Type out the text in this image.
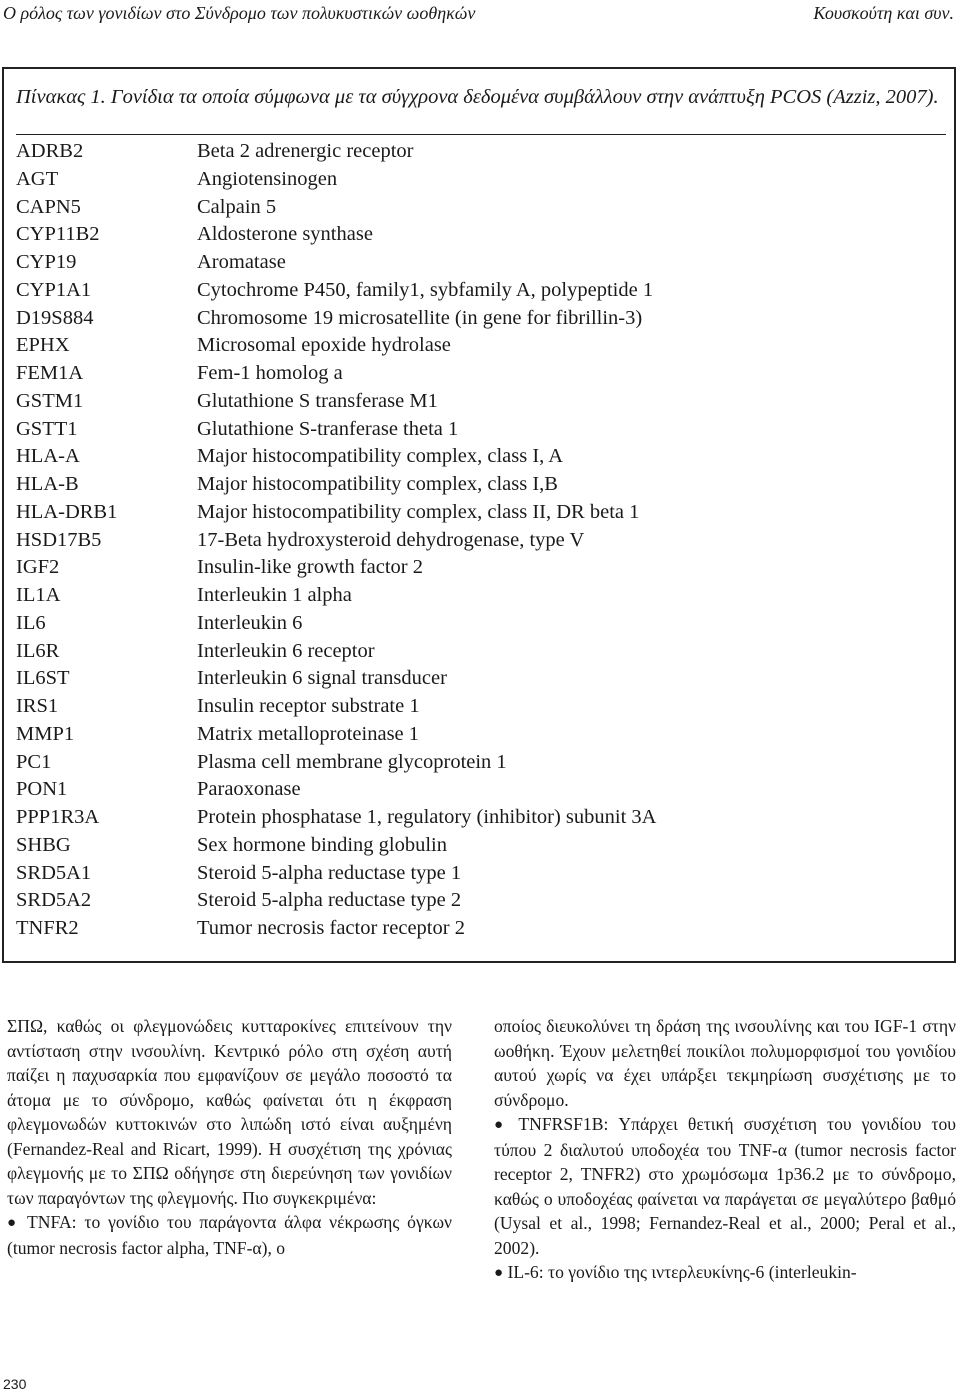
Ο ρόλος των γονιδίων στο Σύνδρομο των πολυκυστικών ωοθηκών	Κουσκούτη και συν.
Πίνακας 1. Γονίδια τα οποία σύμφωνα με τα σύγχρονα δεδομένα συμβάλλουν στην ανάπτυξη PCOS (Azziz, 2007).
ADRB2	Beta 2 adrenergic receptor
AGT	Angiotensinogen
CAPN5	Calpain 5
CYP11B2	Aldosterone synthase
CYP19	Aromatase
CYP1A1	Cytochrome P450, family1, sybfamily A, polypeptide 1
D19S884	Chromosome 19 microsatellite (in gene for fibrillin-3)
EPHX	Microsomal epoxide hydrolase
FEM1A	Fem-1 homolog a
GSTM1	Glutathione S transferase M1
GSTT1	Glutathione S-tranferase theta 1
HLA-A	Major histocompatibility complex, class I, A
HLA-B	Major histocompatibility complex, class I,B
HLA-DRB1	Major histocompatibility complex, class II, DR beta 1
HSD17B5	17-Beta hydroxysteroid dehydrogenase, type V
IGF2	Insulin-like growth factor 2
IL1A	Interleukin 1 alpha
IL6	Interleukin 6
IL6R	Interleukin 6 receptor
IL6ST	Interleukin 6 signal transducer
IRS1	Insulin receptor substrate 1
MMP1	Matrix metalloproteinase 1
PC1	Plasma cell membrane glycoprotein 1
PON1	Paraoxonase
PPP1R3A	Protein phosphatase 1, regulatory (inhibitor) subunit 3A
SHBG	Sex hormone binding globulin
SRD5A1	Steroid 5-alpha reductase type 1
SRD5A2	Steroid 5-alpha reductase type 2
TNFR2	Tumor necrosis factor receptor 2

ΣΠΩ, καθώς οι φλεγμονώδεις κυτταροκίνες επιτείνουν την αντίσταση στην ινσουλίνη. Κεντρικό ρόλο στη σχέση αυτή παίζει η παχυσαρκία που εμφανίζουν σε μεγάλο ποσοστό τα άτομα με το σύνδρομο, καθώς φαίνεται ότι η έκφραση φλεγμονωδών κυττοκινών στο λιπώδη ιστό είναι αυξημένη (Fernandez-Real and Ricart, 1999). Η συσχέτιση της χρόνιας φλεγμονής με το ΣΠΩ οδήγησε στη διερεύνηση των γονιδίων των παραγόντων της φλεγμονής. Πιο συγκεκριμένα:

● TNFA: το γονίδιο του παράγοντα άλφα νέκρωσης όγκων (tumor necrosis factor alpha, TNF-α), ο

οποίος διευκολύνει τη δράση της ινσουλίνης και του IGF-1 στην ωοθήκη. Έχουν μελετηθεί ποικίλοι πολυμορφισμοί του γονιδίου αυτού χωρίς να έχει υπάρξει τεκμηρίωση συσχέτισης με το σύνδρομο.

● TNFRSF1B: Υπάρχει θετική συσχέτιση του γονιδίου του τύπου 2 διαλυτού υποδοχέα του TNF-α (tumor necrosis factor receptor 2, TNFR2) στο χρωμόσωμα 1p36.2 με το σύνδρομο, καθώς ο υποδοχέας φαίνεται να παράγεται σε μεγαλύτερο βαθμό (Uysal et al., 1998; Fernandez-Real et al., 2000; Peral et al., 2002).

● IL-6: το γονίδιο της ιντερλευκίνης-6 (interleukin-

230
